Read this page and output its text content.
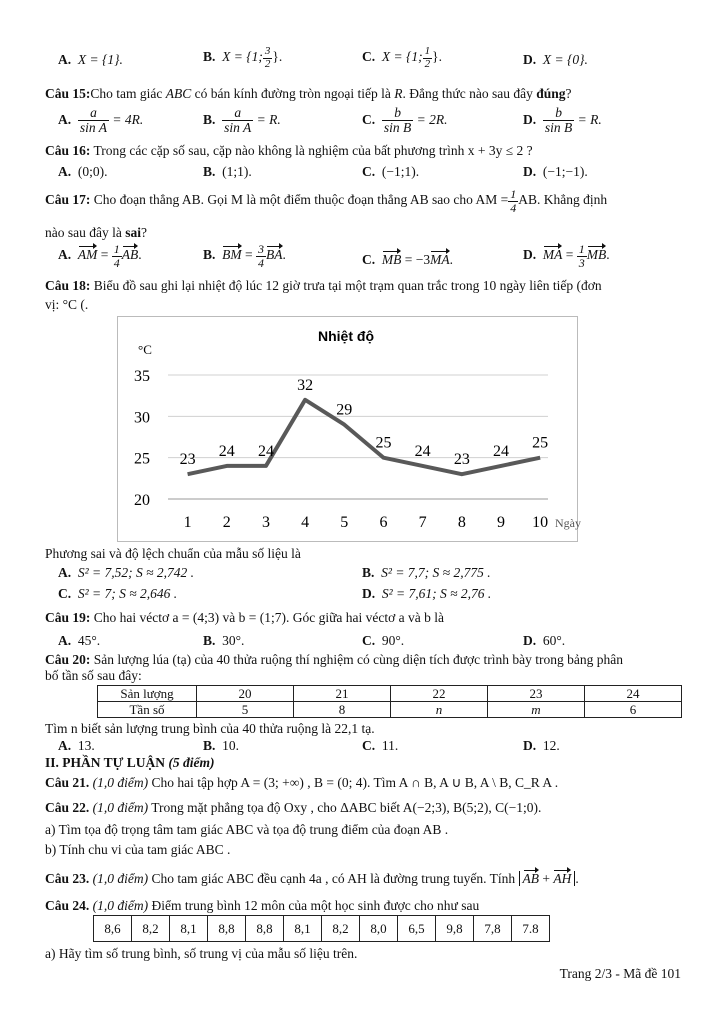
A. X = {1}.	B. X = {1; $\frac{3}{2}$ }.	C. X = {1; $\frac{1}{2}$ }.	D. X = {0}.
Câu 15:Cho tam giác ABC có bán kính đường tròn ngoại tiếp là R. Đẳng thức nào sau đây đúng?
A. $\frac{a}{\text{sin A}} = 4R$.	B. $\frac{a}{\text{sin A}} = R$.	C. $\frac{b}{\text{sin B}} = 2R$.	D. $\frac{b}{\text{sin B}} = R$.
Câu 16: Trong các cặp số sau, cặp nào không là nghiệm của bất phương trình x + 3y ≤ 2 ?
A. (0;0).	B. (1;1).	C. (−1;1).	D. (−1;−1).
Câu 17: Cho đoạn thẳng AB. Gọi M là một điểm thuộc đoạn thẳng AB sao cho AM = $\frac{1}{4}$ AB. Khẳng định
nào sau đây là sai?
A. AM = $\frac{1}{4}$ AB.	B. BM = $\frac{3}{4}$ BA.	C. MB = −3MA.	D. MA = $\frac{1}{3}$ MB.
Câu 18: Biểu đồ sau ghi lại nhiệt độ lúc 12 giờ trưa tại một trạm quan trắc trong 10 ngày liên tiếp (đơn
vị: °C (.
20
25
30
35
1 2 3 4 5 6 7 8 9 10
23 24 24
32
29
25 24 23 24 25
Nhiệt độ
°C
Ngày
Phương sai và độ lệch chuẩn của mẫu số liệu là
A. S² = 7,52; S ≈ 2,742 .	B. S² = 7,7; S ≈ 2,775 .
C. S² = 7; S ≈ 2,646 .	D. S² = 7,61; S ≈ 2,76 .
Câu 19: Cho hai véctơ a = (4;3) và b = (1;7). Góc giữa hai véctơ a và b là
A. 45°.	B. 30°.	C. 90°.	D. 60°.
Câu 20: Sản lượng lúa (tạ) của 40 thửa ruộng thí nghiệm có cùng diện tích được trình bày trong bảng phân
bố tần số sau đây:
Sản lượng	20	21	22	23	24
Tần số	5	8	n	m	6
Tìm n biết sản lượng trung bình của 40 thửa ruộng là 22,1 tạ.
A. 13.	B. 10.	C. 11.	D. 12.
II. PHẦN TỰ LUẬN (5 điểm)
Câu 21. (1,0 điểm) Cho hai tập hợp A = (3; +∞) , B = (0; 4). Tìm A ∩ B, A ∪ B, A \ B, C_R A .
Câu 22. (1,0 điểm) Trong mặt phẳng tọa độ Oxy , cho ΔABC biết A(−2;3), B(5;2), C(−1;0).
a) Tìm tọa độ trọng tâm tam giác ABC và tọa độ trung điểm của đoạn AB .
b) Tính chu vi của tam giác ABC .
Câu 23. (1,0 điểm) Cho tam giác ABC đều cạnh 4a , có AH là đường trung tuyến. Tính AB + AH .
Câu 24. (1,0 điểm) Điểm trung bình 12 môn của một học sinh được cho như sau
8,6	8,2	8,1	8,8	8,8	8,1	8,2	8,0	6,5	9,8	7,8	7.8
a) Hãy tìm số trung bình, số trung vị của mẫu số liệu trên.
Trang 2/3 - Mã đề 101
